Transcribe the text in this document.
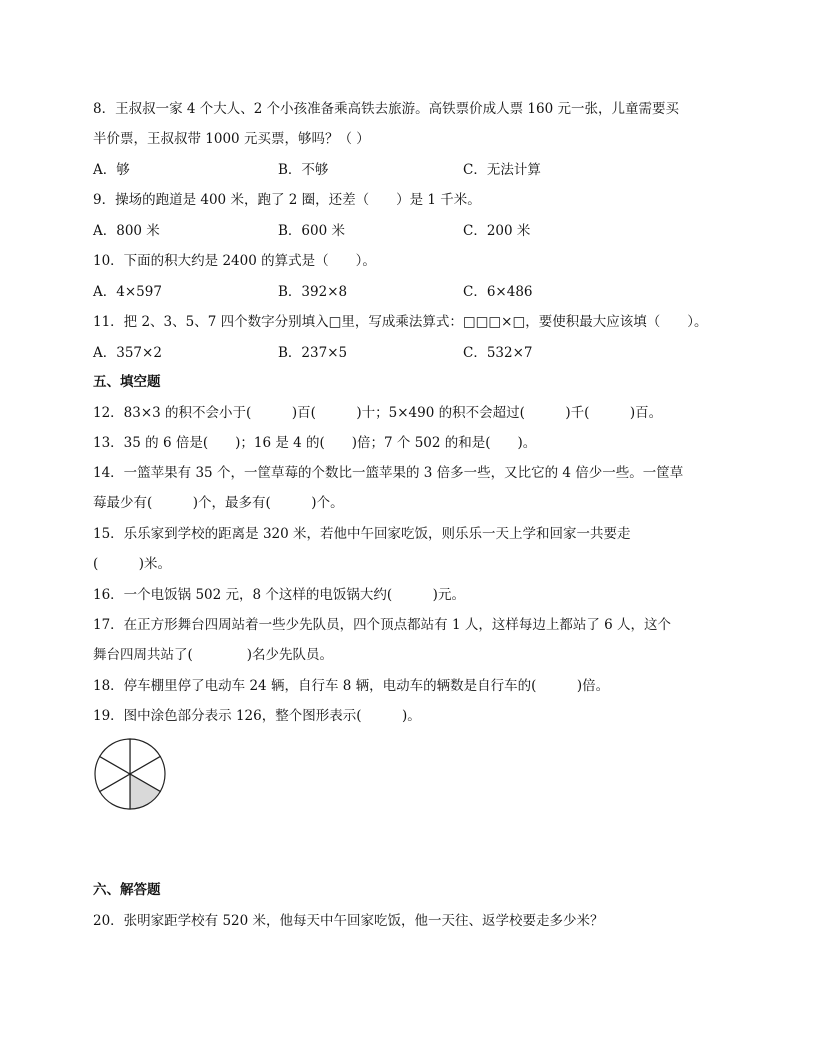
8．王叔叔一家 4 个大人、2 个小孩准备乘高铁去旅游。高铁票价成人票 160 元一张，儿童需要买
半价票，王叔叔带 1000 元买票，够吗？（ ）
A．够	B．不够	C．无法计算
9．操场的跑道是 400 米，跑了 2 圈，还差（　　）是 1 千米。
A．800 米	B．600 米	C．200 米
10．下面的积大约是 2400 的算式是（　　）。
A．4×597	B．392×8	C．6×486
11．把 2、3、5、7 四个数字分别填入□里，写成乘法算式：□□□×□，要使积最大应该填（　　）。
A．357×2	B．237×5	C．532×7
五、填空题
12．83×3 的积不会小于(　　　)百(　　　)十；5×490 的积不会超过(　　　)千(　　　)百。
13．35 的 6 倍是(　　)；16 是 4 的(　　)倍；7 个 502 的和是(　　)。
14．一篮苹果有 35 个，一筐草莓的个数比一篮苹果的 3 倍多一些，又比它的 4 倍少一些。一筐草
莓最少有(　　　)个，最多有(　　　)个。
15．乐乐家到学校的距离是 320 米，若他中午回家吃饭，则乐乐一天上学和回家一共要走
(　　　)米。
16．一个电饭锅 502 元，8 个这样的电饭锅大约(　　　)元。
17．在正方形舞台四周站着一些少先队员，四个顶点都站有 1 人，这样每边上都站了 6 人，这个
舞台四周共站了(　　　　)名少先队员。
18．停车棚里停了电动车 24 辆，自行车 8 辆，电动车的辆数是自行车的(　　　)倍。
19．图中涂色部分表示 126，整个图形表示(　　　)。
六、解答题
20．张明家距学校有 520 米，他每天中午回家吃饭，他一天往、返学校要走多少米？
